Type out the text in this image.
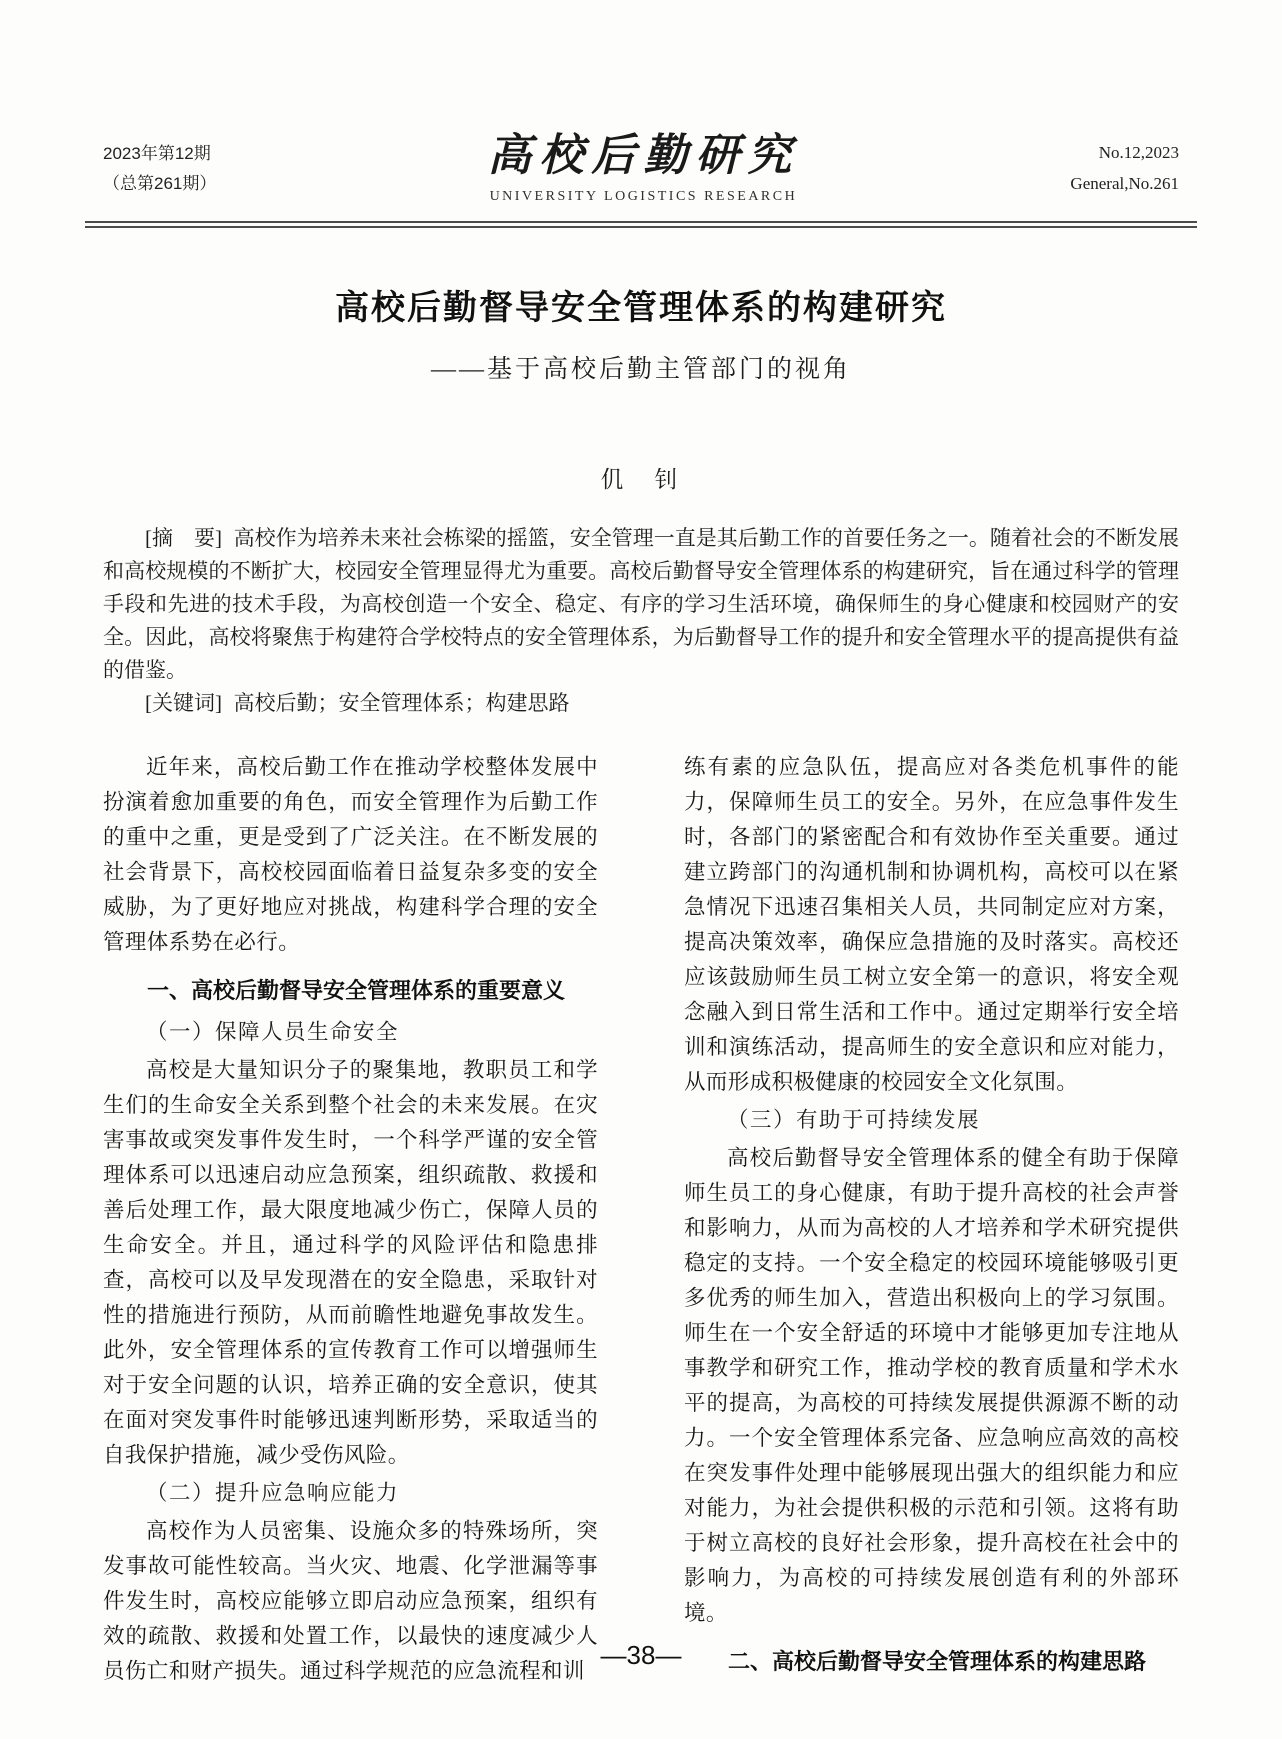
2023年第12期
（总第261期）
高校后勤研究
UNIVERSITY LOGISTICS RESEARCH
No.12,2023
General,No.261
高校后勤督导安全管理体系的构建研究
——基于高校后勤主管部门的视角
仉　钊

[摘　要] 高校作为培养未来社会栋梁的摇篮，安全管理一直是其后勤工作的首要任务之一。随着社会的不断发展和高校规模的不断扩大，校园安全管理显得尤为重要。高校后勤督导安全管理体系的构建研究，旨在通过科学的管理手段和先进的技术手段，为高校创造一个安全、稳定、有序的学习生活环境，确保师生的身心健康和校园财产的安全。因此，高校将聚焦于构建符合学校特点的安全管理体系，为后勤督导工作的提升和安全管理水平的提高提供有益的借鉴。

[关键词] 高校后勤；安全管理体系；构建思路

近年来，高校后勤工作在推动学校整体发展中扮演着愈加重要的角色，而安全管理作为后勤工作的重中之重，更是受到了广泛关注。在不断发展的社会背景下，高校校园面临着日益复杂多变的安全威胁，为了更好地应对挑战，构建科学合理的安全管理体系势在必行。

一、高校后勤督导安全管理体系的重要意义
（一）保障人员生命安全

高校是大量知识分子的聚集地，教职员工和学生们的生命安全关系到整个社会的未来发展。在灾害事故或突发事件发生时，一个科学严谨的安全管理体系可以迅速启动应急预案，组织疏散、救援和善后处理工作，最大限度地减少伤亡，保障人员的生命安全。并且，通过科学的风险评估和隐患排查，高校可以及早发现潜在的安全隐患，采取针对性的措施进行预防，从而前瞻性地避免事故发生。此外，安全管理体系的宣传教育工作可以增强师生对于安全问题的认识，培养正确的安全意识，使其在面对突发事件时能够迅速判断形势，采取适当的自我保护措施，减少受伤风险。

（二）提升应急响应能力

高校作为人员密集、设施众多的特殊场所，突发事故可能性较高。当火灾、地震、化学泄漏等事件发生时，高校应能够立即启动应急预案，组织有效的疏散、救援和处置工作，以最快的速度减少人员伤亡和财产损失。通过科学规范的应急流程和训

练有素的应急队伍，提高应对各类危机事件的能力，保障师生员工的安全。另外，在应急事件发生时，各部门的紧密配合和有效协作至关重要。通过建立跨部门的沟通机制和协调机构，高校可以在紧急情况下迅速召集相关人员，共同制定应对方案，提高决策效率，确保应急措施的及时落实。高校还应该鼓励师生员工树立安全第一的意识，将安全观念融入到日常生活和工作中。通过定期举行安全培训和演练活动，提高师生的安全意识和应对能力，从而形成积极健康的校园安全文化氛围。

（三）有助于可持续发展

高校后勤督导安全管理体系的健全有助于保障师生员工的身心健康，有助于提升高校的社会声誉和影响力，从而为高校的人才培养和学术研究提供稳定的支持。一个安全稳定的校园环境能够吸引更多优秀的师生加入，营造出积极向上的学习氛围。师生在一个安全舒适的环境中才能够更加专注地从事教学和研究工作，推动学校的教育质量和学术水平的提高，为高校的可持续发展提供源源不断的动力。一个安全管理体系完备、应急响应高效的高校在突发事件处理中能够展现出强大的组织能力和应对能力，为社会提供积极的示范和引领。这将有助于树立高校的良好社会形象，提升高校在社会中的影响力，为高校的可持续发展创造有利的外部环境。

二、高校后勤督导安全管理体系的构建思路
—38—
